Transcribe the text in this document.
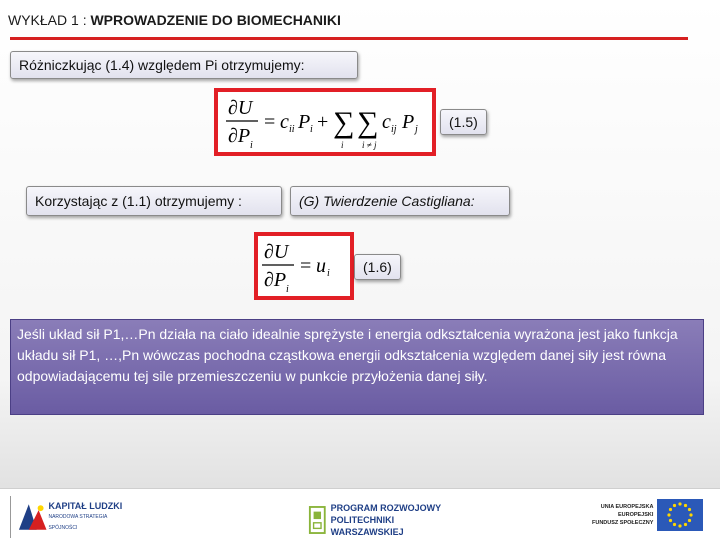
WYKŁAD 1 : WPROWADZENIE DO BIOMECHANIKI
Różniczkując (1.4) względem Pi otrzymujemy:
∂U
∂P i
= c ii P i + ∑ ∑
i i ≠ j
c ij P j	(1.5)
Korzystając z (1.1) otrzymujemy :	(G) Twierdzenie Castigliana:
∂U
∂P i
= u i	(1.6)
Jeśli układ sił P1,…Pn działa na ciało idealnie sprężyste i energia odkształcenia wyrażona jest jako funkcja układu sił P1, …,Pn wówczas pochodna cząstkowa energii odkształcenia względem danej siły jest równa odpowiadającemu tej sile przemieszczeniu w punkcie przyłożenia danej siły.
KAPITAŁ LUDZKI
NARODOWA STRATEGIA SPÓJNOŚCI
PROGRAM ROZWOJOWY
POLITECHNIKI WARSZAWSKIEJ
UNIA EUROPEJSKA
EUROPEJSKI
FUNDUSZ SPOŁECZNY
